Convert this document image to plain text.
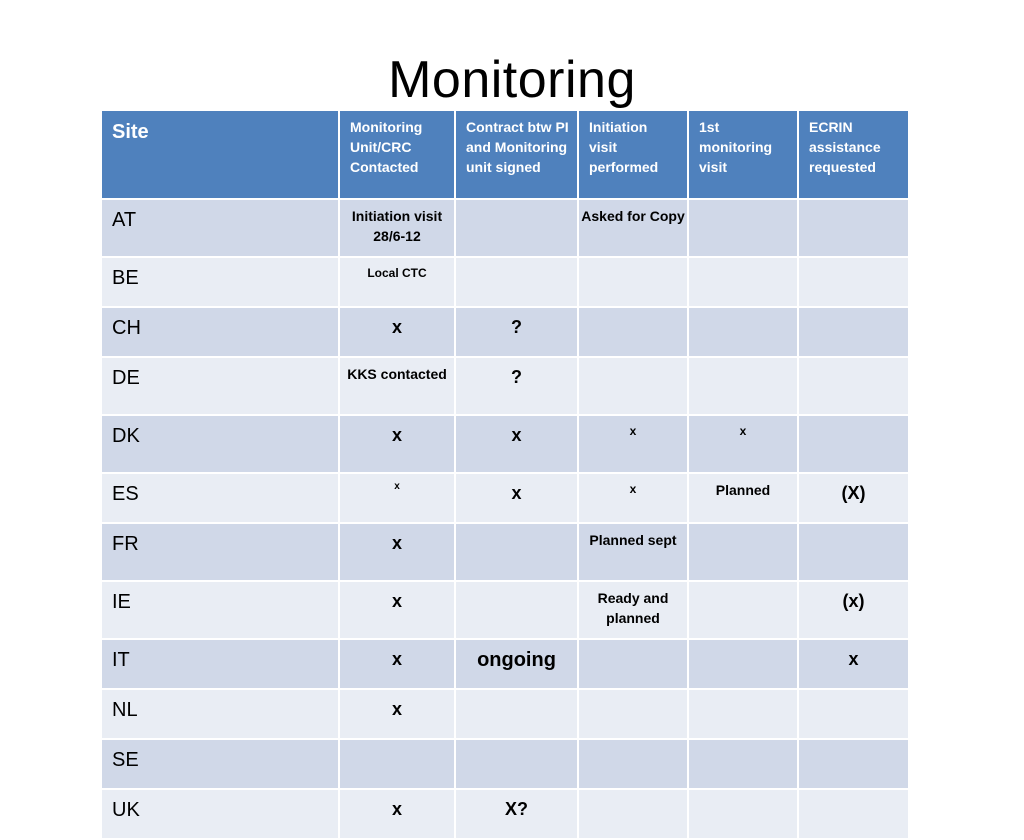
Monitoring
Site	Monitoring Unit/CRC Contacted	Contract btw PI and Monitoring unit signed	Initiation visit performed	1st monitoring visit	ECRIN assistance requested
AT	Initiation visit 28/6-12		Asked for Copy		
BE	Local CTC				
CH	x	?			
DE	KKS contacted	?			
DK	x	x	x	x	
ES	x	x	x	Planned	(X)
FR	x		Planned sept		
IE	x		Ready and planned		(x)
IT	x	ongoing			x
NL	x				
SE					
UK	x	X?			
